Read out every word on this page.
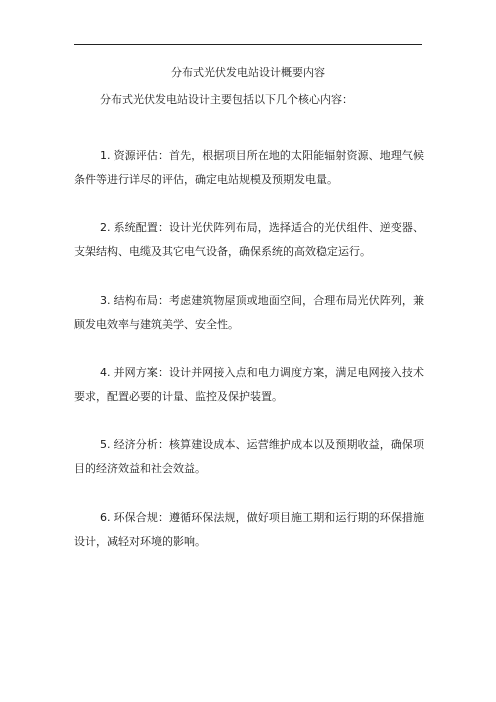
分布式光伏发电站设计概要内容
分布式光伏发电站设计主要包括以下几个核心内容：
1. 资源评估：首先，根据项目所在地的太阳能辐射资源、地理气候条件等进行详尽的评估，确定电站规模及预期发电量。
2. 系统配置：设计光伏阵列布局，选择适合的光伏组件、逆变器、支架结构、电缆及其它电气设备，确保系统的高效稳定运行。
3. 结构布局：考虑建筑物屋顶或地面空间，合理布局光伏阵列，兼顾发电效率与建筑美学、安全性。
4. 并网方案：设计并网接入点和电力调度方案，满足电网接入技术要求，配置必要的计量、监控及保护装置。
5. 经济分析：核算建设成本、运营维护成本以及预期收益，确保项目的经济效益和社会效益。
6. 环保合规：遵循环保法规，做好项目施工期和运行期的环保措施设计，减轻对环境的影响。
